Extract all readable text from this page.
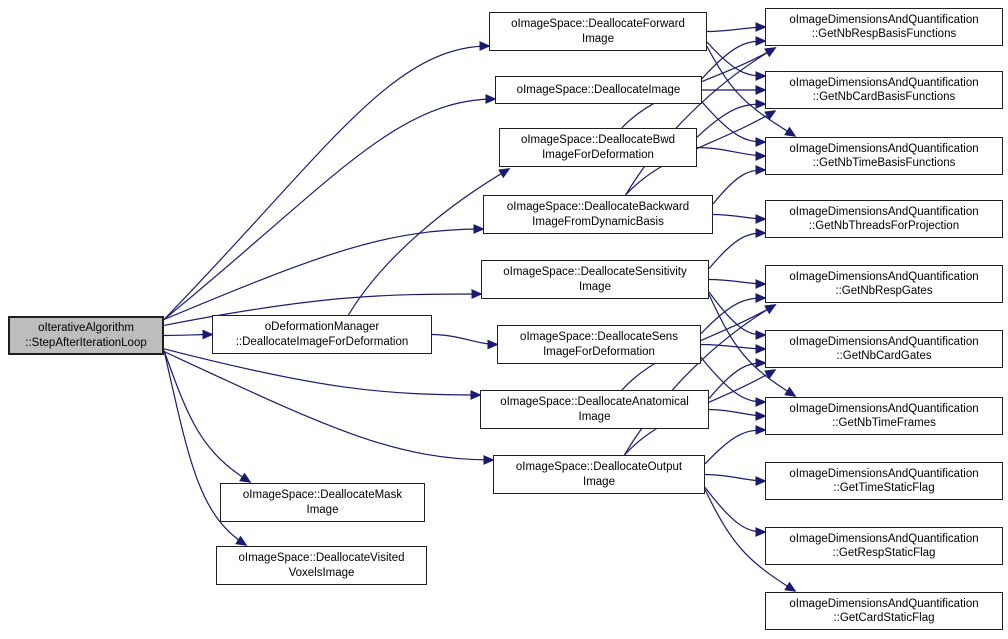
oIterativeAlgorithm
::StepAfterIterationLoop
oDeformationManager
::DeallocateImageForDeformation
oImageSpace::DeallocateForward
Image
oImageSpace::DeallocateImage
oImageSpace::DeallocateBwd
ImageForDeformation
oImageSpace::DeallocateBackward
ImageFromDynamicBasis
oImageSpace::DeallocateSensitivity
Image
oImageSpace::DeallocateSens
ImageForDeformation
oImageSpace::DeallocateAnatomical
Image
oImageSpace::DeallocateOutput
Image
oImageSpace::DeallocateMask
Image
oImageSpace::DeallocateVisited
VoxelsImage
oImageDimensionsAndQuantification
::GetNbRespBasisFunctions
oImageDimensionsAndQuantification
::GetNbCardBasisFunctions
oImageDimensionsAndQuantification
::GetNbTimeBasisFunctions
oImageDimensionsAndQuantification
::GetNbThreadsForProjection
oImageDimensionsAndQuantification
::GetNbRespGates
oImageDimensionsAndQuantification
::GetNbCardGates
oImageDimensionsAndQuantification
::GetNbTimeFrames
oImageDimensionsAndQuantification
::GetTimeStaticFlag
oImageDimensionsAndQuantification
::GetRespStaticFlag
oImageDimensionsAndQuantification
::GetCardStaticFlag
